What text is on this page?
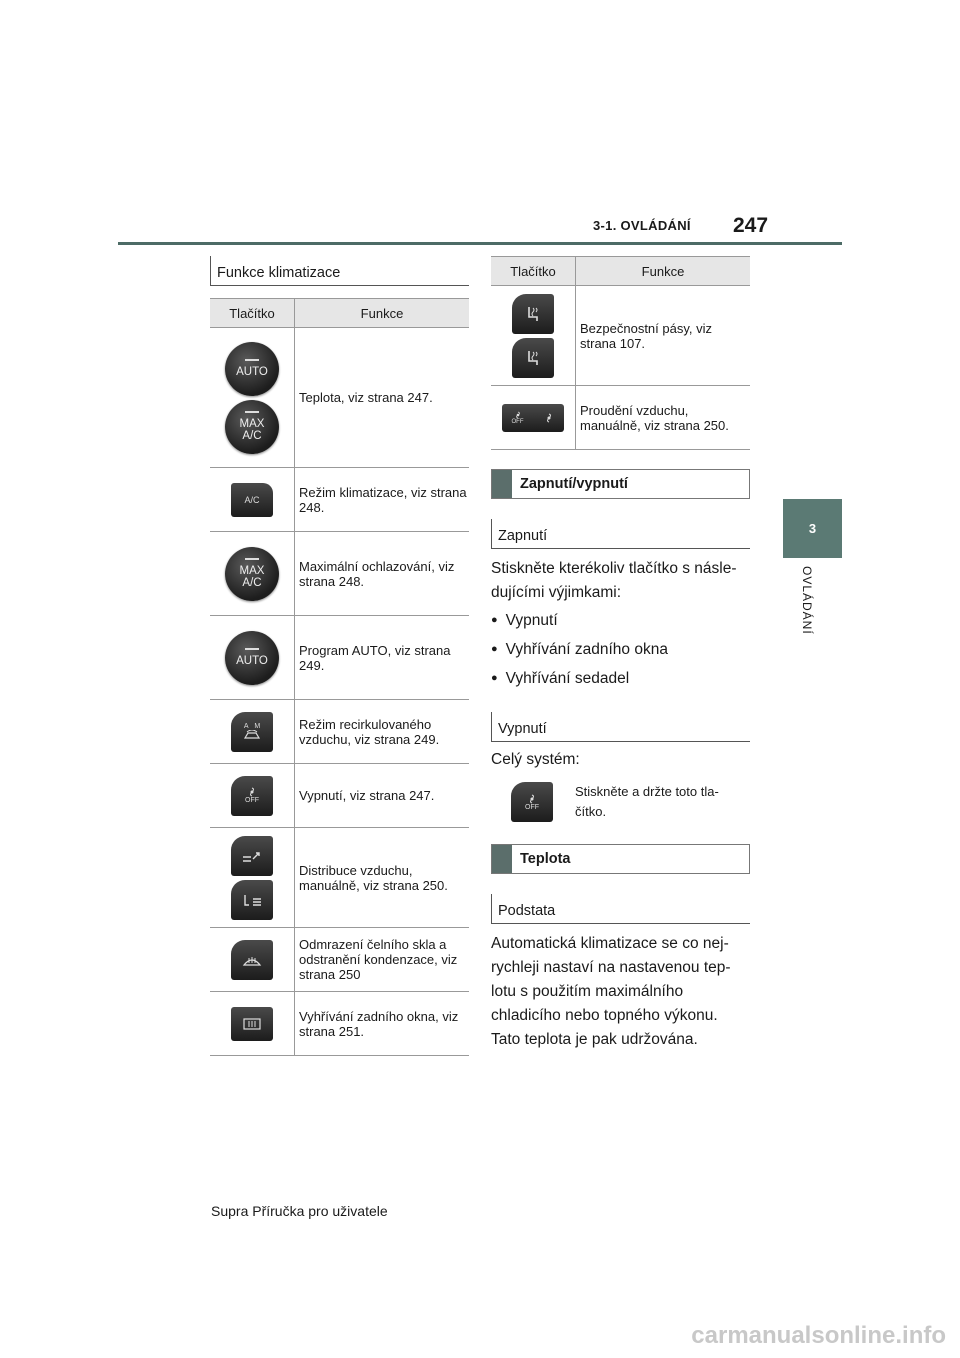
3-1. OVLÁDÁNÍ 247
3
OVLÁDÁNÍ
Funkce klimatizace
Tlačítko	Funkce

AUTO

MAX
A/C	Teplota, viz strana 247.

A/C	Režim klimatizace, viz strana 248.

MAX
A/C	Maximální ochlazování, viz strana 248.

AUTO	Program AUTO, viz strana 249.

A M	Režim recirkulovaného vzduchu, viz strana 249.

OFF	Vypnutí, viz strana 247.

	Distribuce vzduchu, manuálně, viz strana 250.

	Odmrazení čelního skla a odstranění kondenzace, viz strana 250

	Vyhřívání zadního okna, viz strana 251.
Tlačítko	Funkce

	Bezpečnostní pásy, viz strana 107.

OFF	Proudění vzduchu, manuálně, viz strana 250.
Zapnutí/vypnutí
Zapnutí
Stiskněte kterékoliv tlačítko s násle-
dujícími výjimkami:
● Vypnutí
● Vyhřívání zadního okna
● Vyhřívání sedadel
Vypnutí
Celý systém:
OFF
Stiskněte a držte toto tla-
čítko.
Teplota
Podstata
Automatická klimatizace se co nej-
rychleji nastaví na nastavenou tep-
lotu s použitím maximálního
chladicího nebo topného výkonu.
Tato teplota je pak udržována.
Supra Příručka pro uživatele
carmanualsonline.info
